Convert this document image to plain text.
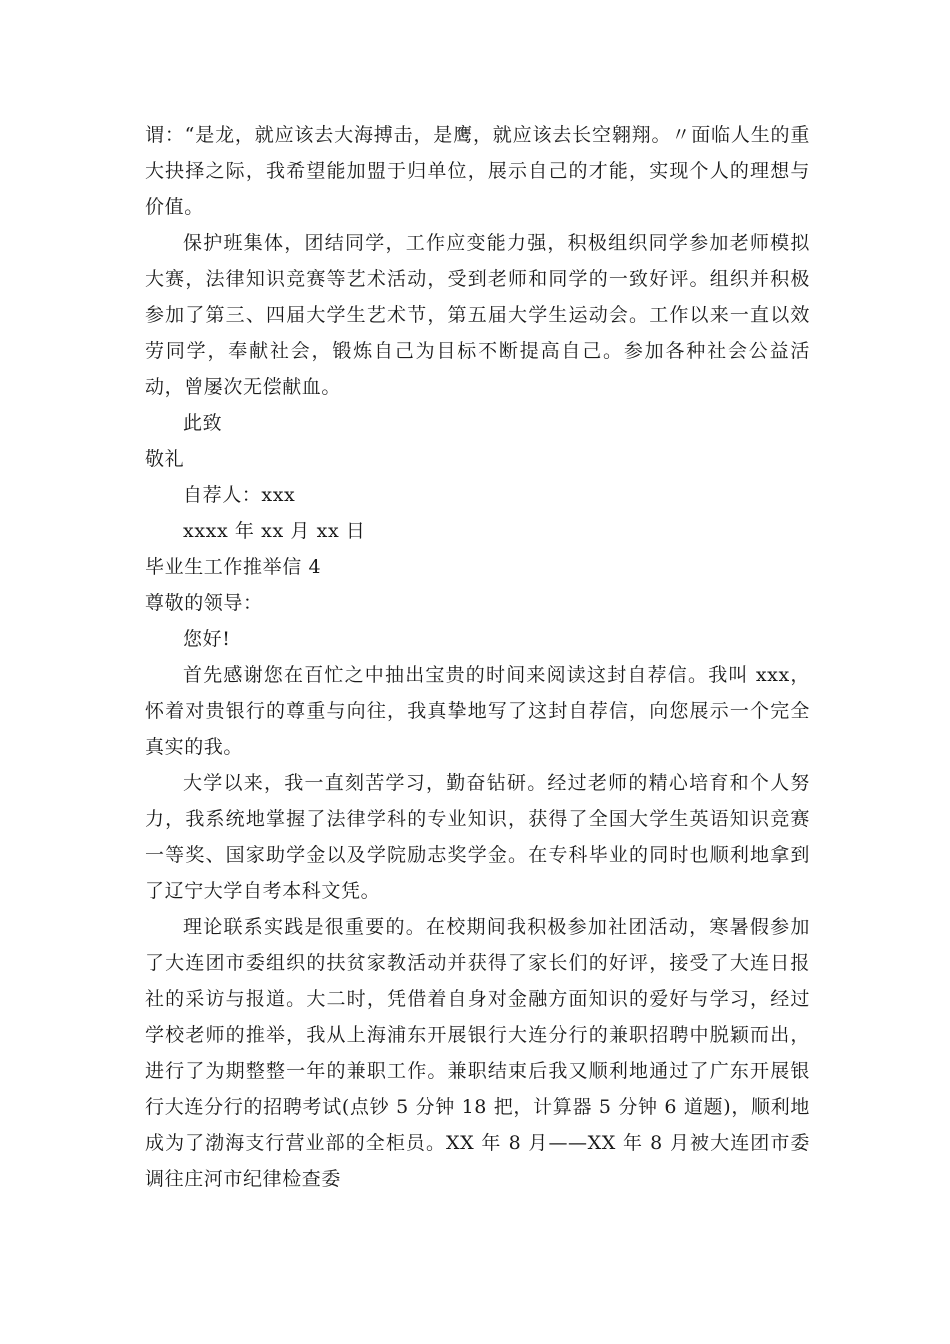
谓：“是龙，就应该去大海搏击，是鹰，就应该去长空翱翔。〃面临人生的重大抉择之际，我希望能加盟于归单位，展示自己的才能，实现个人的理想与价值。

保护班集体，团结同学，工作应变能力强，积极组织同学参加老师模拟大赛，法律知识竞赛等艺术活动，受到老师和同学的一致好评。组织并积极参加了第三、四届大学生艺术节，第五届大学生运动会。工作以来一直以效劳同学，奉献社会，锻炼自己为目标不断提高自己。参加各种社会公益活动，曾屡次无偿献血。

此致

敬礼

自荐人：xxx

xxxx 年 xx 月 xx 日

毕业生工作推举信 4

尊敬的领导：

您好!

首先感谢您在百忙之中抽出宝贵的时间来阅读这封自荐信。我叫 xxx，怀着对贵银行的尊重与向往，我真挚地写了这封自荐信，向您展示一个完全真实的我。

大学以来，我一直刻苦学习，勤奋钻研。经过老师的精心培育和个人努力，我系统地掌握了法律学科的专业知识，获得了全国大学生英语知识竞赛一等奖、国家助学金以及学院励志奖学金。在专科毕业的同时也顺利地拿到了辽宁大学自考本科文凭。

理论联系实践是很重要的。在校期间我积极参加社团活动，寒暑假参加了大连团市委组织的扶贫家教活动并获得了家长们的好评，接受了大连日报社的采访与报道。大二时，凭借着自身对金融方面知识的爱好与学习，经过学校老师的推举，我从上海浦东开展银行大连分行的兼职招聘中脱颖而出，进行了为期整整一年的兼职工作。兼职结束后我又顺利地通过了广东开展银行大连分行的招聘考试(点钞 5 分钟 18 把，计算器 5 分钟 6 道题)，顺利地成为了渤海支行营业部的全柜员。XX 年 8 月——XX 年 8 月被大连团市委调往庄河市纪律检查委
